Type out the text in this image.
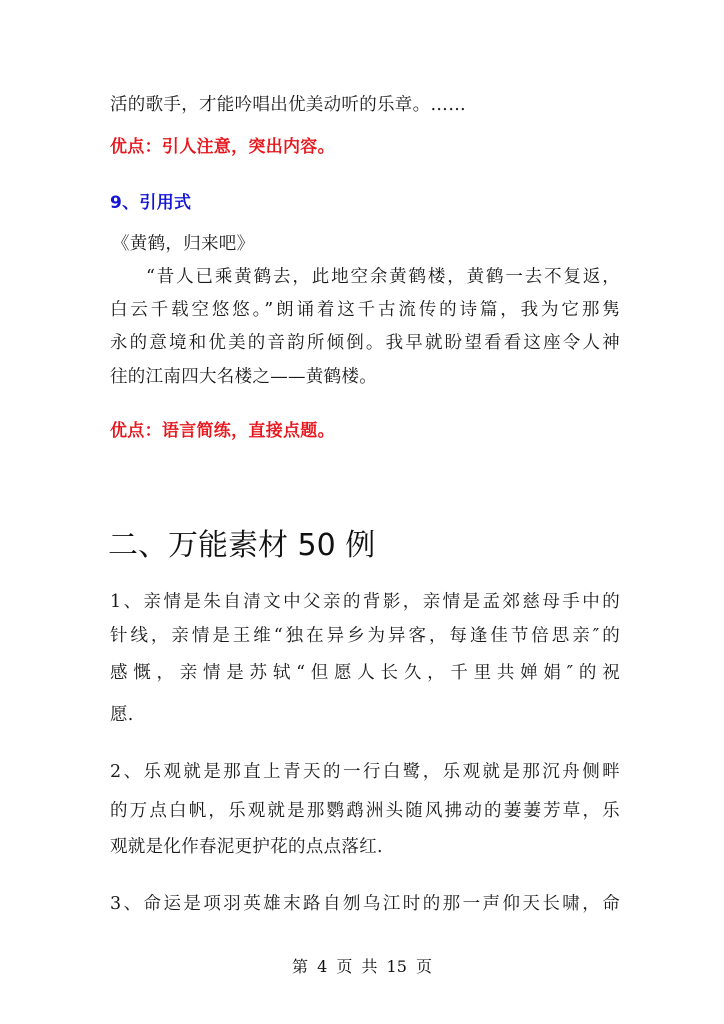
活的歌手，才能吟唱出优美动听的乐章。……
优点：引人注意，突出内容。
9、引用式
《黄鹤，归来吧》
“昔人已乘黄鹤去，此地空余黄鹤楼，黄鹤一去不复返，
白云千载空悠悠。”朗诵着这千古流传的诗篇，我为它那隽
永的意境和优美的音韵所倾倒。我早就盼望看看这座令人神
往的江南四大名楼之——黄鹤楼。
优点：语言简练，直接点题。
二、万能素材 50 例
1、亲情是朱自清文中父亲的背影，亲情是孟郊慈母手中的
针线，亲情是王维“独在异乡为异客，每逢佳节倍思亲″的
感慨，亲情是苏轼“但愿人长久，千里共婵娟″的祝
愿.
2、乐观就是那直上青天的一行白鹭，乐观就是那沉舟侧畔
的万点白帆，乐观就是那鹦鹉洲头随风拂动的萋萋芳草，乐
观就是化作春泥更护花的点点落红.
3、命运是项羽英雄末路自刎乌江时的那一声仰天长啸，命
第 4 页 共 15 页
